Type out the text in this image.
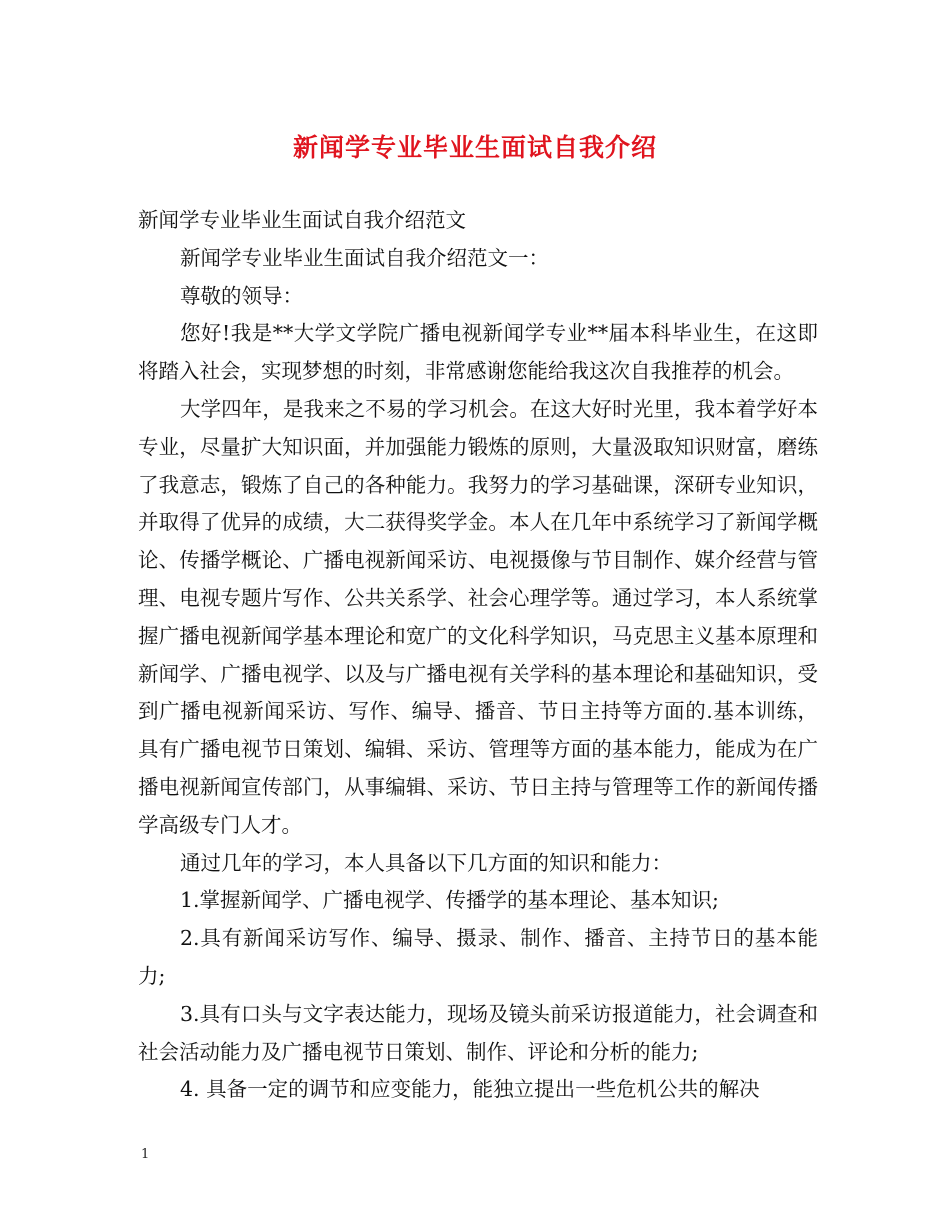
新闻学专业毕业生面试自我介绍

新闻学专业毕业生面试自我介绍范文

新闻学专业毕业生面试自我介绍范文一：

尊敬的领导：

您好!我是**大学文学院广播电视新闻学专业**届本科毕业生，在这即将踏入社会，实现梦想的时刻，非常感谢您能给我这次自我推荐的机会。

大学四年，是我来之不易的学习机会。在这大好时光里，我本着学好本专业，尽量扩大知识面，并加强能力锻炼的原则，大量汲取知识财富，磨练了我意志，锻炼了自己的各种能力。我努力的学习基础课，深研专业知识，并取得了优异的成绩，大二获得奖学金。本人在几年中系统学习了新闻学概论、传播学概论、广播电视新闻采访、电视摄像与节目制作、媒介经营与管理、电视专题片写作、公共关系学、社会心理学等。通过学习，本人系统掌握广播电视新闻学基本理论和宽广的文化科学知识，马克思主义基本原理和新闻学、广播电视学、以及与广播电视有关学科的基本理论和基础知识，受到广播电视新闻采访、写作、编导、播音、节日主持等方面的.基本训练，具有广播电视节日策划、编辑、采访、管理等方面的基本能力，能成为在广播电视新闻宣传部门，从事编辑、采访、节日主持与管理等工作的新闻传播学高级专门人才。

通过几年的学习，本人具备以下几方面的知识和能力：

1.掌握新闻学、广播电视学、传播学的基本理论、基本知识;

2.具有新闻采访写作、编导、摄录、制作、播音、主持节日的基本能力;

3.具有口头与文字表达能力，现场及镜头前采访报道能力，社会调查和社会活动能力及广播电视节日策划、制作、评论和分析的能力;

4. 具备一定的调节和应变能力，能独立提出一些危机公共的解决

1
